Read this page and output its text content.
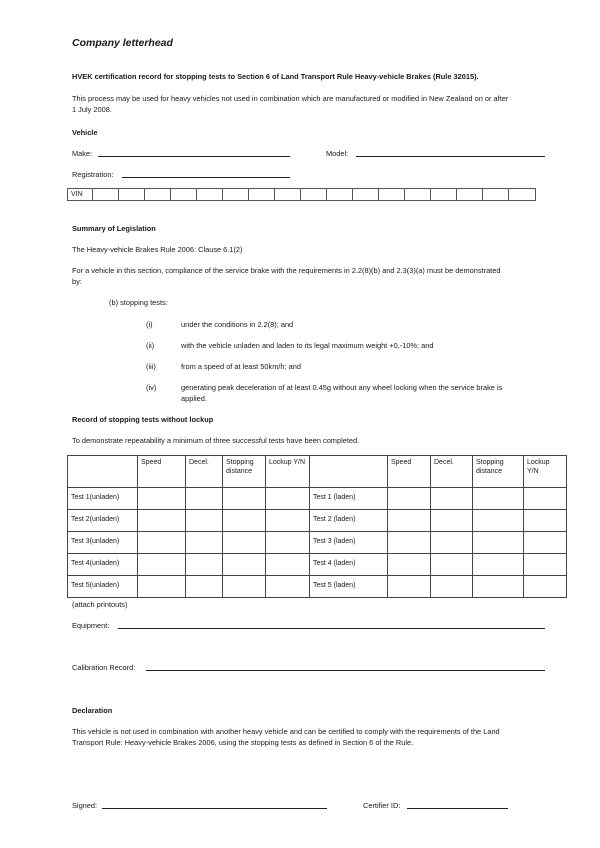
Company letterhead
HVEK certification record for stopping tests to Section 6 of Land Transport Rule Heavy-vehicle Brakes (Rule 32015).
This process may be used for heavy vehicles not used in combination which are manufactured or modified in New Zealand on or after
1 July 2008.
Vehicle
Make:	Model:
Registration:
VIN
Summary of Legislation
The Heavy-vehicle Brakes Rule 2006: Clause 6.1(2)
For a vehicle in this section, compliance of the service brake with the requirements in 2.2(8)(b) and 2.3(3)(a) must be demonstrated
by:
(b) stopping tests:
(i)	under the conditions in 2.2(8); and
(ii)	with the vehicle unladen and laden to its legal maximum weight +0,-10%; and
(iii)	from a speed of at least 50km/h; and
(iv)	generating peak deceleration of at least 0.45g without any wheel locking when the service brake is
applied.
Record of stopping tests without lockup
To demonstrate repeatability a minimum of three successful tests have been completed.
	Speed	Decel.	Stopping distance	Lockup Y/N		Speed	Decel.	Stopping distance	Lockup Y/N
Test 1(unladen)					Test 1 (laden)				
Test 2(unladen)					Test 2 (laden)				
Test 3(unladen)					Test 3 (laden)				
Test 4(unladen)					Test 4 (laden)				
Test 5(unladen)					Test 5 (laden)				
(attach printouts)
Equipment:
Calibration Record:
Declaration
This vehicle is not used in combination with another heavy vehicle and can be certified to comply with the requirements of the Land
Transport Rule: Heavy-vehicle Brakes 2006, using the stopping tests as defined in Section 6 of the Rule.
Signed:	Certifier ID:
